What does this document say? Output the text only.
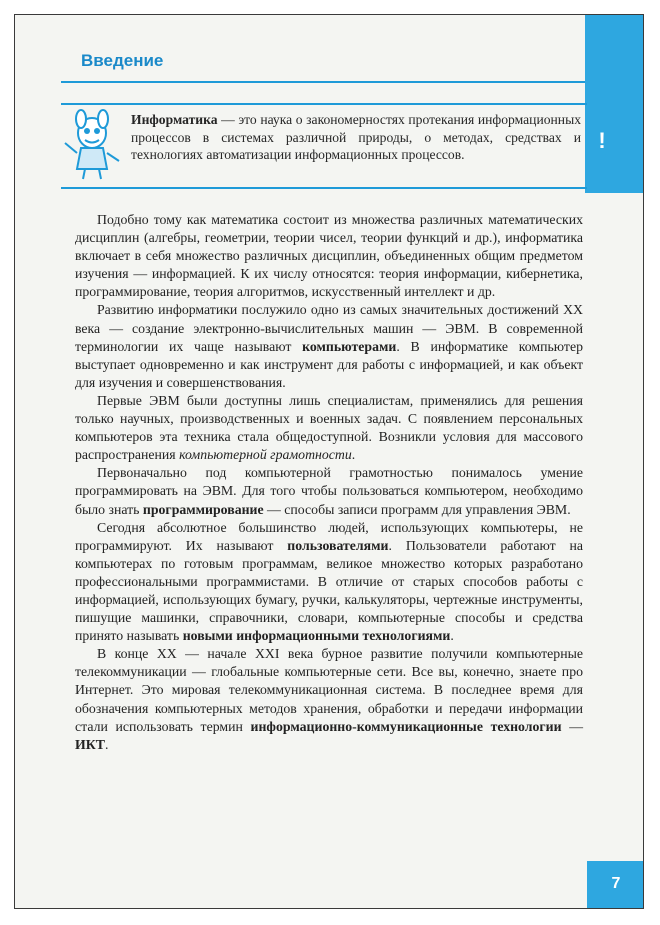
Введение
!
Информатика — это наука о закономерностях протекания информационных процессов в системах различной природы, о методах, средствах и технологиях автоматизации информационных процессов.

Подобно тому как математика состоит из множества различных математических дисциплин (алгебры, геометрии, теории чисел, теории функций и др.), информатика включает в себя множество различных дисциплин, объединенных общим предметом изучения — информацией. К их числу относятся: теория информации, кибернетика, программирование, теория алгоритмов, искусственный интеллект и др.

Развитию информатики послужило одно из самых значительных достижений XX века — создание электронно-вычислительных машин — ЭВМ. В современной терминологии их чаще называют компьютерами. В информатике компьютер выступает одновременно и как инструмент для работы с информацией, и как объект для изучения и совершенствования.

Первые ЭВМ были доступны лишь специалистам, применялись для решения только научных, производственных и военных задач. С появлением персональных компьютеров эта техника стала общедоступной. Возникли условия для массового распространения компьютерной грамотности.

Первоначально под компьютерной грамотностью понималось умение программировать на ЭВМ. Для того чтобы пользоваться компьютером, необходимо было знать программирование — способы записи программ для управления ЭВМ.

Сегодня абсолютное большинство людей, использующих компьютеры, не программируют. Их называют пользователями. Пользователи работают на компьютерах по готовым программам, великое множество которых разработано профессиональными программистами. В отличие от старых способов работы с информацией, использующих бумагу, ручки, калькуляторы, чертежные инструменты, пишущие машинки, справочники, словари, компьютерные способы и средства принято называть новыми информационными технологиями.

В конце XX — начале XXI века бурное развитие получили компьютерные телекоммуникации — глобальные компьютерные сети. Все вы, конечно, знаете про Интернет. Это мировая телекоммуникационная система. В последнее время для обозначения компьютерных методов хранения, обработки и передачи информации стали использовать термин информационно-коммуникационные технологии — ИКТ.

7
